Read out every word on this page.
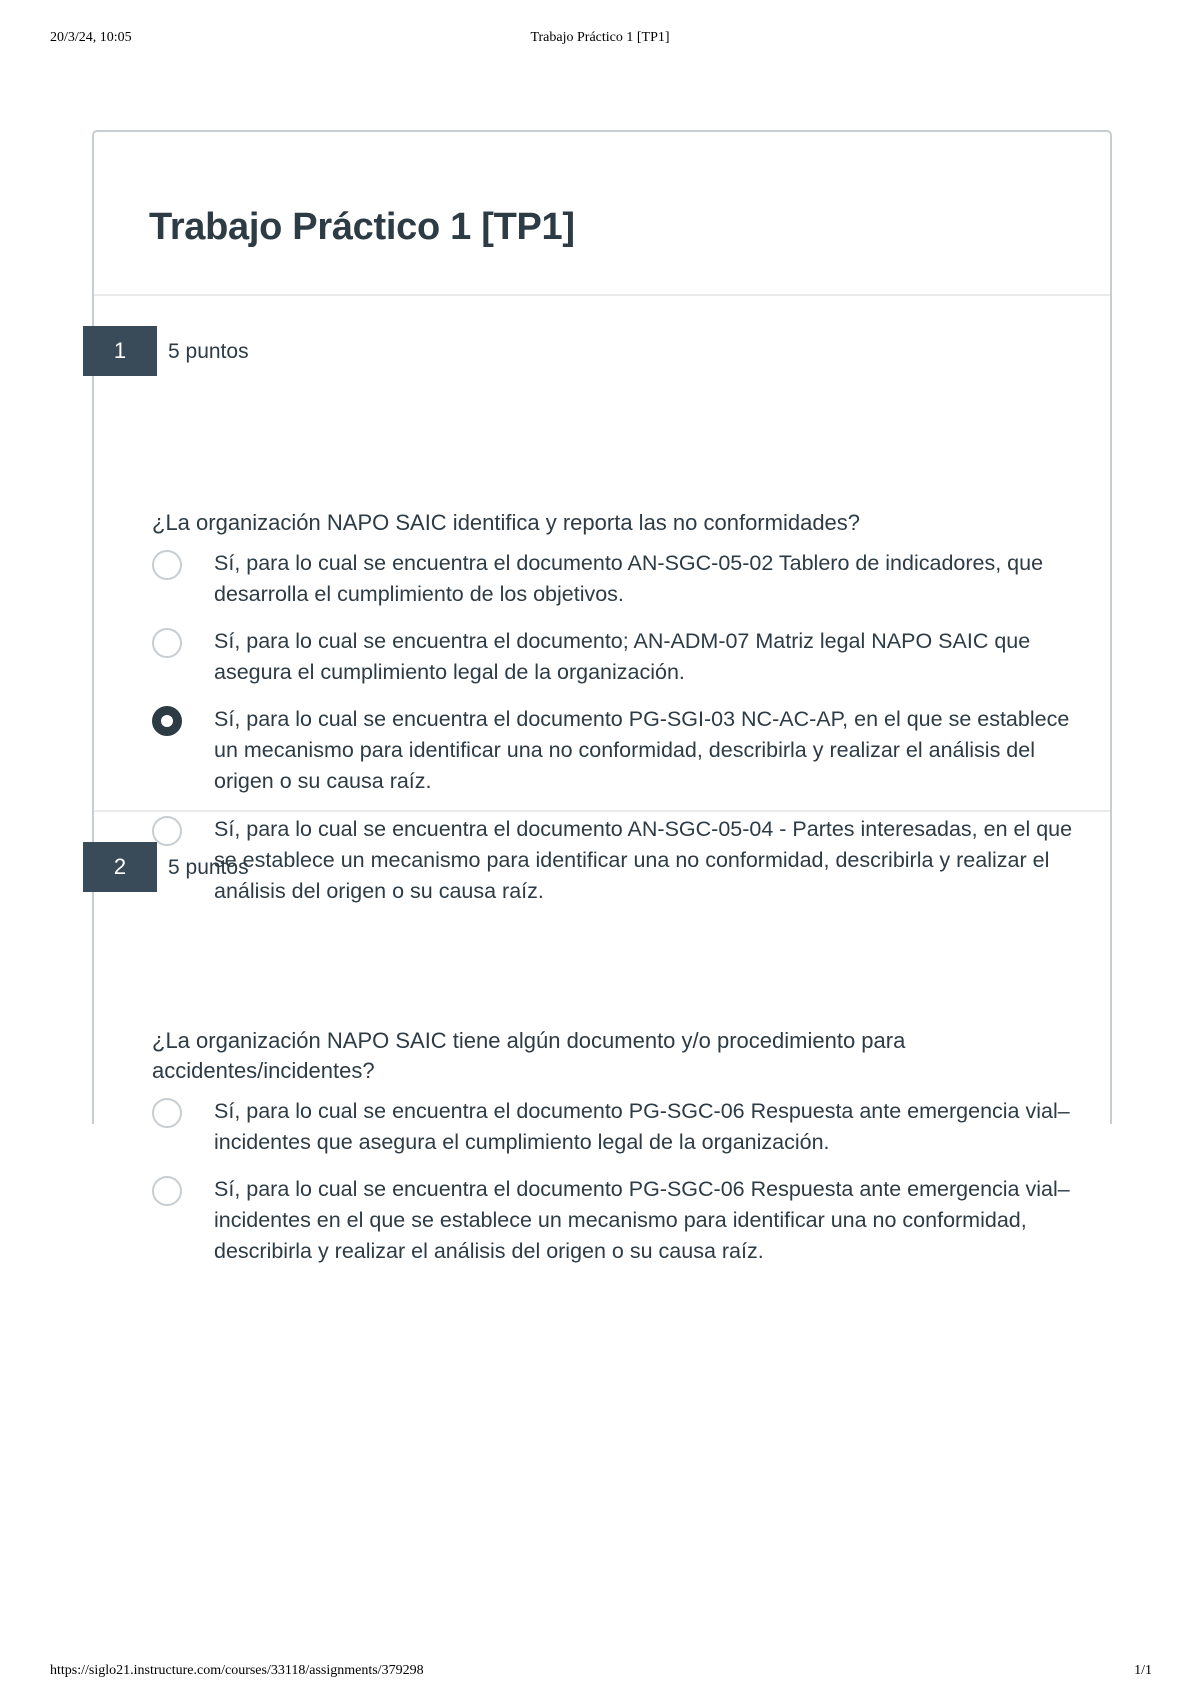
20/3/24, 10:05	Trabajo Práctico 1 [TP1]
Trabajo Práctico 1 [TP1]

¿La organización NAPO SAIC identifica y reporta las no conformidades?

Sí, para lo cual se encuentra el documento AN-SGC-05-02 Tablero de indicadores, que desarrolla el cumplimiento de los objetivos.
Sí, para lo cual se encuentra el documento; AN-ADM-07 Matriz legal NAPO SAIC que asegura el cumplimiento legal de la organización.
Sí, para lo cual se encuentra el documento PG-SGI-03 NC-AC-AP, en el que se establece un mecanismo para identificar una no conformidad, describirla y realizar el análisis del origen o su causa raíz.
Sí, para lo cual se encuentra el documento AN-SGC-05-04 - Partes interesadas, en el que se establece un mecanismo para identificar una no conformidad, describirla y realizar el análisis del origen o su causa raíz.

¿La organización NAPO SAIC tiene algún documento y/o procedimiento para accidentes/incidentes?

Sí, para lo cual se encuentra el documento PG-SGC-06 Respuesta ante emergencia vial–incidentes que asegura el cumplimiento legal de la organización.
Sí, para lo cual se encuentra el documento PG-SGC-06 Respuesta ante emergencia vial–incidentes en el que se establece un mecanismo para identificar una no conformidad, describirla y realizar el análisis del origen o su causa raíz.
1	5 puntos
2	5 puntos
https://siglo21.instructure.com/courses/33118/assignments/379298	1/1
